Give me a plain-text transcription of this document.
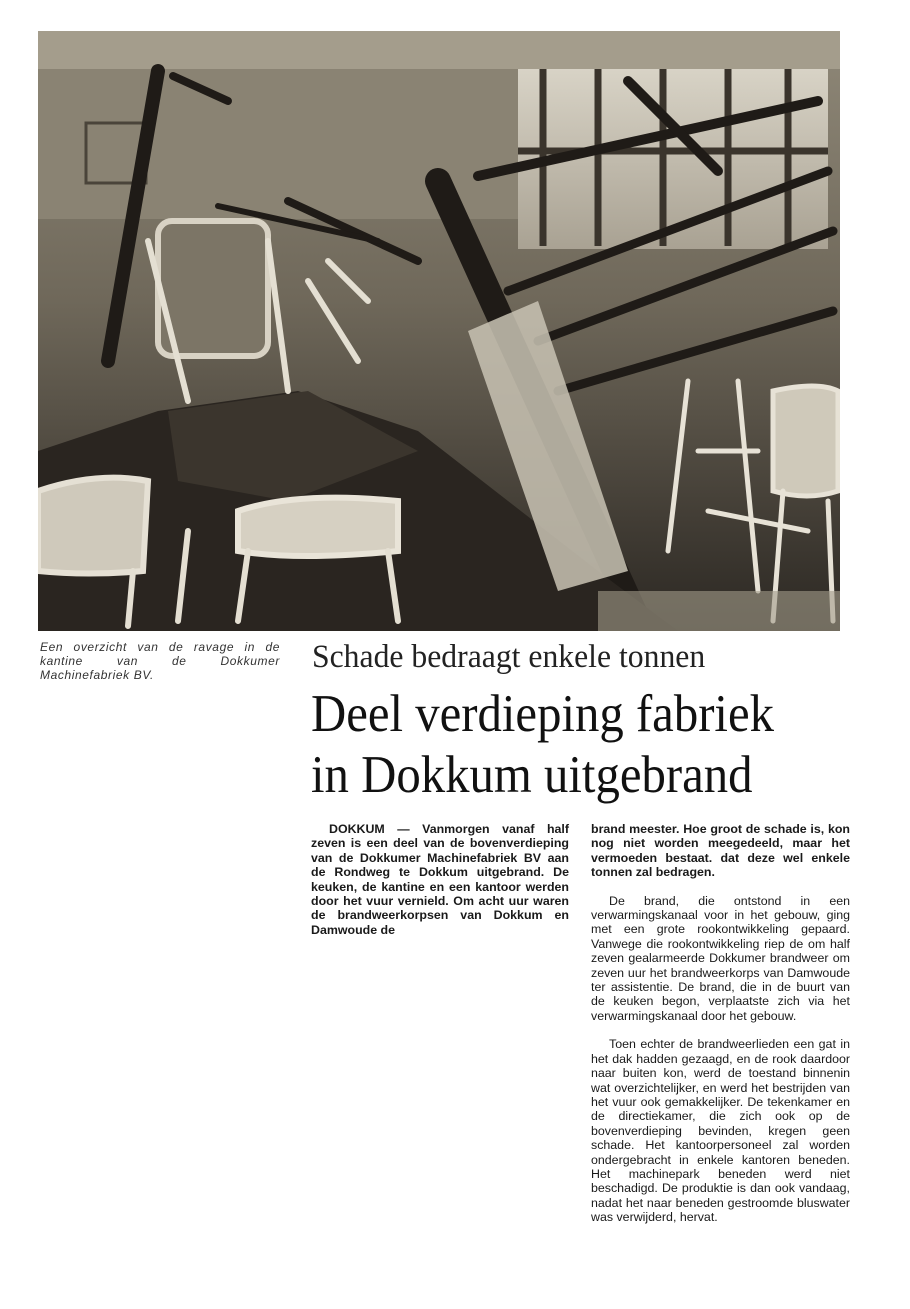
Een overzicht van de ravage in de kantine van de Dokkumer Machinefabriek BV.	Schade bedraagt enkele tonnen
Deel verdieping fabriek
in Dokkum uitgebrand
DOKKUM — Vanmorgen vanaf half zeven is een deel van de bovenverdieping van de Dokkumer Machinefabriek BV aan de Rondweg te Dokkum uitgebrand. De keuken, de kantine en een kantoor werden door het vuur vernield. Om acht uur waren de brandweerkorpsen van Dokkum en Damwoude de

brand meester. Hoe groot de schade is, kon nog niet worden meegedeeld, maar het vermoeden bestaat. dat deze wel enkele tonnen zal bedragen.

De brand, die ontstond in een verwarmingskanaal voor in het gebouw, ging met een grote rookontwikkeling gepaard. Vanwege die rookontwikkeling riep de om half zeven gealarmeerde Dokkumer brandweer om zeven uur het brandweerkorps van Damwoude ter assistentie. De brand, die in de buurt van de keuken begon, verplaatste zich via het verwarmingskanaal door het gebouw.

Toen echter de brandweerlieden een gat in het dak hadden gezaagd, en de rook daardoor naar buiten kon, werd de toestand binnenin wat overzichtelijker, en werd het bestrijden van het vuur ook gemakkelijker. De tekenkamer en de directiekamer, die zich ook op de bovenverdieping bevinden, kregen geen schade. Het kantoorpersoneel zal worden ondergebracht in enkele kantoren beneden. Het machinepark beneden werd niet beschadigd. De produktie is dan ook vandaag, nadat het naar beneden gestroomde bluswater was verwijderd, hervat.
